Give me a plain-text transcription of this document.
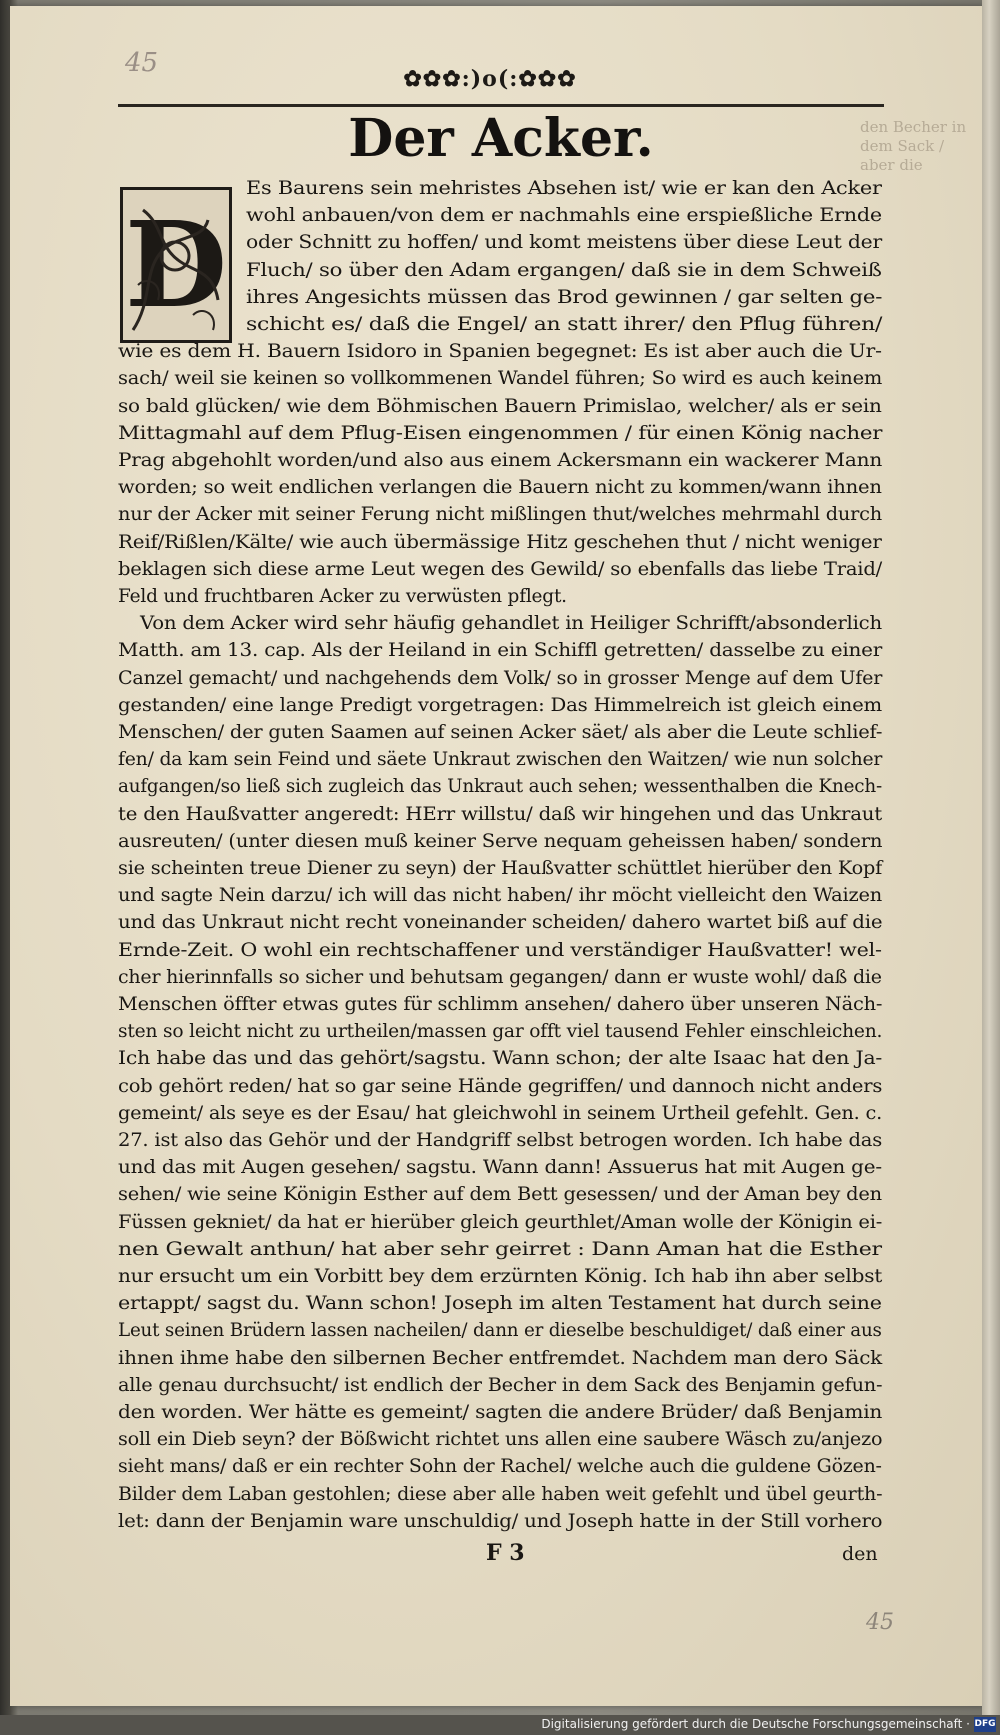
45
✿✿✿:)o(:✿✿✿
Der Acker.	den Becher in dem Sack / aber die
D
Es Baurens sein mehristes Absehen ist/ wie er kan den Acker
wohl anbauen/von dem er nachmahls eine erspießliche Ernde
oder Schnitt zu hoffen/ und komt meistens über diese Leut der
Fluch/ so über den Adam ergangen/ daß sie in dem Schweiß
ihres Angesichts müssen das Brod gewinnen / gar selten ge-
schicht es/ daß die Engel/ an statt ihrer/ den Pflug führen/
wie es dem H. Bauern Isidoro in Spanien begegnet: Es ist aber auch die Ur-
sach/ weil sie keinen so vollkommenen Wandel führen; So wird es auch keinem
so bald glücken/ wie dem Böhmischen Bauern Primislao, welcher/ als er sein
Mittagmahl auf dem Pflug-Eisen eingenommen / für einen König nacher
Prag abgehohlt worden/und also aus einem Ackersmann ein wackerer Mann
worden; so weit endlichen verlangen die Bauern nicht zu kommen/wann ihnen
nur der Acker mit seiner Ferung nicht mißlingen thut/welches mehrmahl durch
Reif/Rißlen/Kälte/ wie auch übermässige Hitz geschehen thut / nicht weniger
beklagen sich diese arme Leut wegen des Gewild/ so ebenfalls das liebe Traid/
Feld und fruchtbaren Acker zu verwüsten pflegt.
Von dem Acker wird sehr häufig gehandlet in Heiliger Schrifft/absonderlich
Matth. am 13. cap. Als der Heiland in ein Schiffl getretten/ dasselbe zu einer
Canzel gemacht/ und nachgehends dem Volk/ so in grosser Menge auf dem Ufer
gestanden/ eine lange Predigt vorgetragen: Das Himmelreich ist gleich einem
Menschen/ der guten Saamen auf seinen Acker säet/ als aber die Leute schlief-
fen/ da kam sein Feind und säete Unkraut zwischen den Waitzen/ wie nun solcher
aufgangen/so ließ sich zugleich das Unkraut auch sehen; wessenthalben die Knech-
te den Haußvatter angeredt: HErr willstu/ daß wir hingehen und das Unkraut
ausreuten/ (unter diesen muß keiner Serve nequam geheissen haben/ sondern
sie scheinten treue Diener zu seyn) der Haußvatter schüttlet hierüber den Kopf
und sagte Nein darzu/ ich will das nicht haben/ ihr möcht vielleicht den Waizen
und das Unkraut nicht recht voneinander scheiden/ dahero wartet biß auf die
Ernde-Zeit. O wohl ein rechtschaffener und verständiger Haußvatter! wel-
cher hierinnfalls so sicher und behutsam gegangen/ dann er wuste wohl/ daß die
Menschen öffter etwas gutes für schlimm ansehen/ dahero über unseren Näch-
sten so leicht nicht zu urtheilen/massen gar offt viel tausend Fehler einschleichen.
Ich habe das und das gehört/sagstu. Wann schon; der alte Isaac hat den Ja-
cob gehört reden/ hat so gar seine Hände gegriffen/ und dannoch nicht anders
gemeint/ als seye es der Esau/ hat gleichwohl in seinem Urtheil gefehlt. Gen. c.
27. ist also das Gehör und der Handgriff selbst betrogen worden. Ich habe das
und das mit Augen gesehen/ sagstu. Wann dann! Assuerus hat mit Augen ge-
sehen/ wie seine Königin Esther auf dem Bett gesessen/ und der Aman bey den
Füssen gekniet/ da hat er hierüber gleich geurthlet/Aman wolle der Königin ei-
nen Gewalt anthun/ hat aber sehr geirret : Dann Aman hat die Esther
nur ersucht um ein Vorbitt bey dem erzürnten König. Ich hab ihn aber selbst
ertappt/ sagst du. Wann schon! Joseph im alten Testament hat durch seine
Leut seinen Brüdern lassen nacheilen/ dann er dieselbe beschuldiget/ daß einer aus
ihnen ihme habe den silbernen Becher entfremdet. Nachdem man dero Säck
alle genau durchsucht/ ist endlich der Becher in dem Sack des Benjamin gefun-
den worden. Wer hätte es gemeint/ sagten die andere Brüder/ daß Benjamin
soll ein Dieb seyn? der Bößwicht richtet uns allen eine saubere Wäsch zu/anjezo
sieht mans/ daß er ein rechter Sohn der Rachel/ welche auch die guldene Gözen-
Bilder dem Laban gestohlen; diese aber alle haben weit gefehlt und übel geurth-
let: dann der Benjamin ware unschuldig/ und Joseph hatte in der Still vorhero
F 3	den
45
Digitalisierung gefördert durch die Deutsche Forschungsgemeinschaft · DFG
